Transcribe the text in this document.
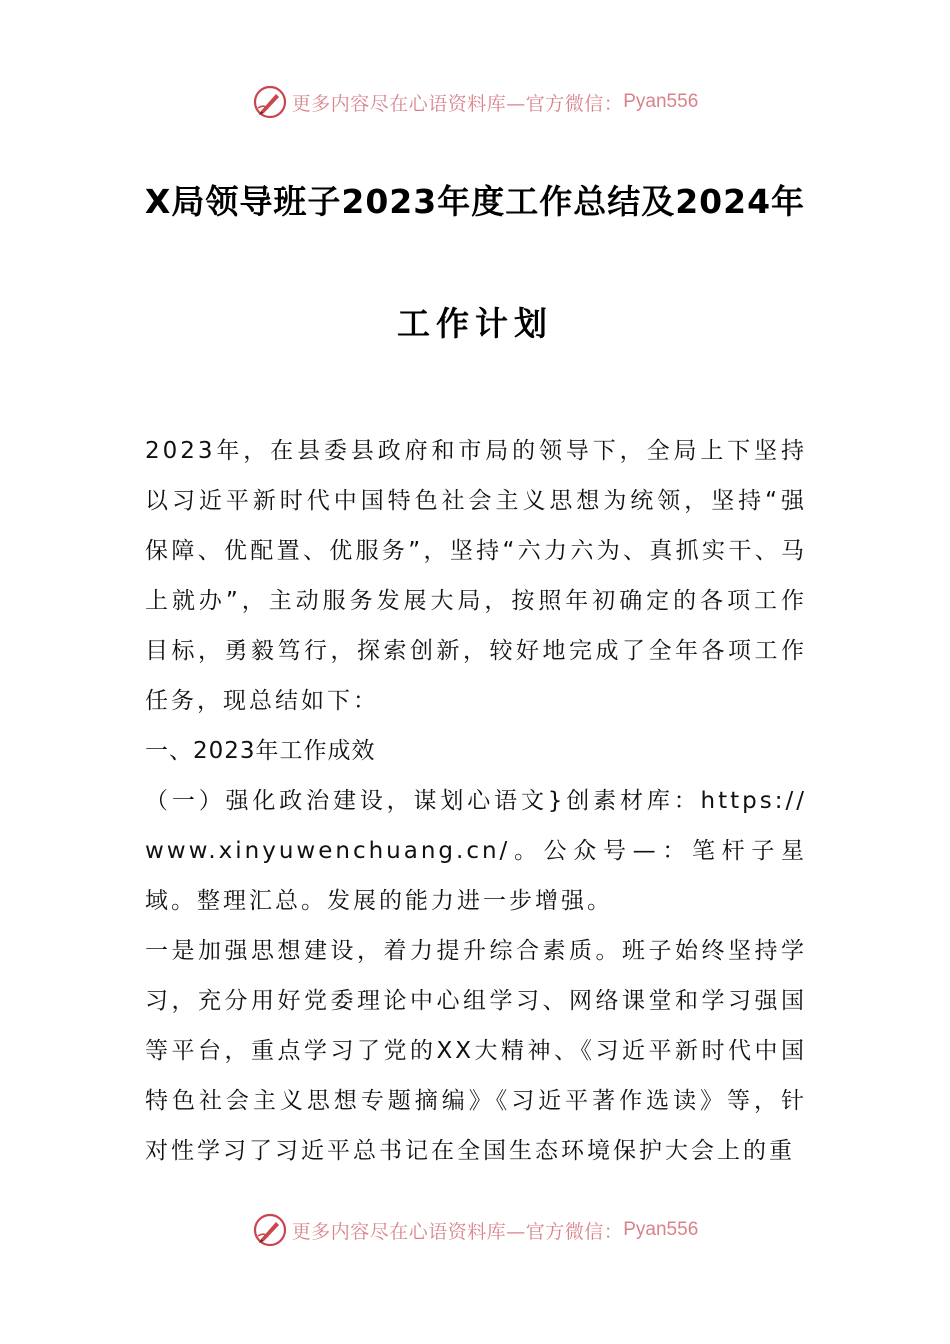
更多内容尽在心语资料库—官方微信： Pyan556
X局领导班子2023年度工作总结及2024年
工作计划

2023年，在县委县政府和市局的领导下，全局上下坚持以习近平新时代中国特色社会主义思想为统领，坚持“强保障、优配置、优服务”，坚持“六力六为、真抓实干、马上就办”，主动服务发展大局，按照年初确定的各项工作目标，勇毅笃行，探索创新，较好地完成了全年各项工作任务，现总结如下：

一、2023年工作成效

（一）强化政治建设，谋划心语文}创素材库：https://www.xinyuwenchuang.cn/。公众号—：笔杆子星域。整理汇总。发展的能力进一步增强。

一是加强思想建设，着力提升综合素质。班子始终坚持学习，充分用好党委理论中心组学习、网络课堂和学习强国等平台，重点学习了党的XX大精神、《习近平新时代中国特色社会主义思想专题摘编》《习近平著作选读》等，针对性学习了习近平总书记在全国生态环境保护大会上的重

更多内容尽在心语资料库—官方微信： Pyan556
